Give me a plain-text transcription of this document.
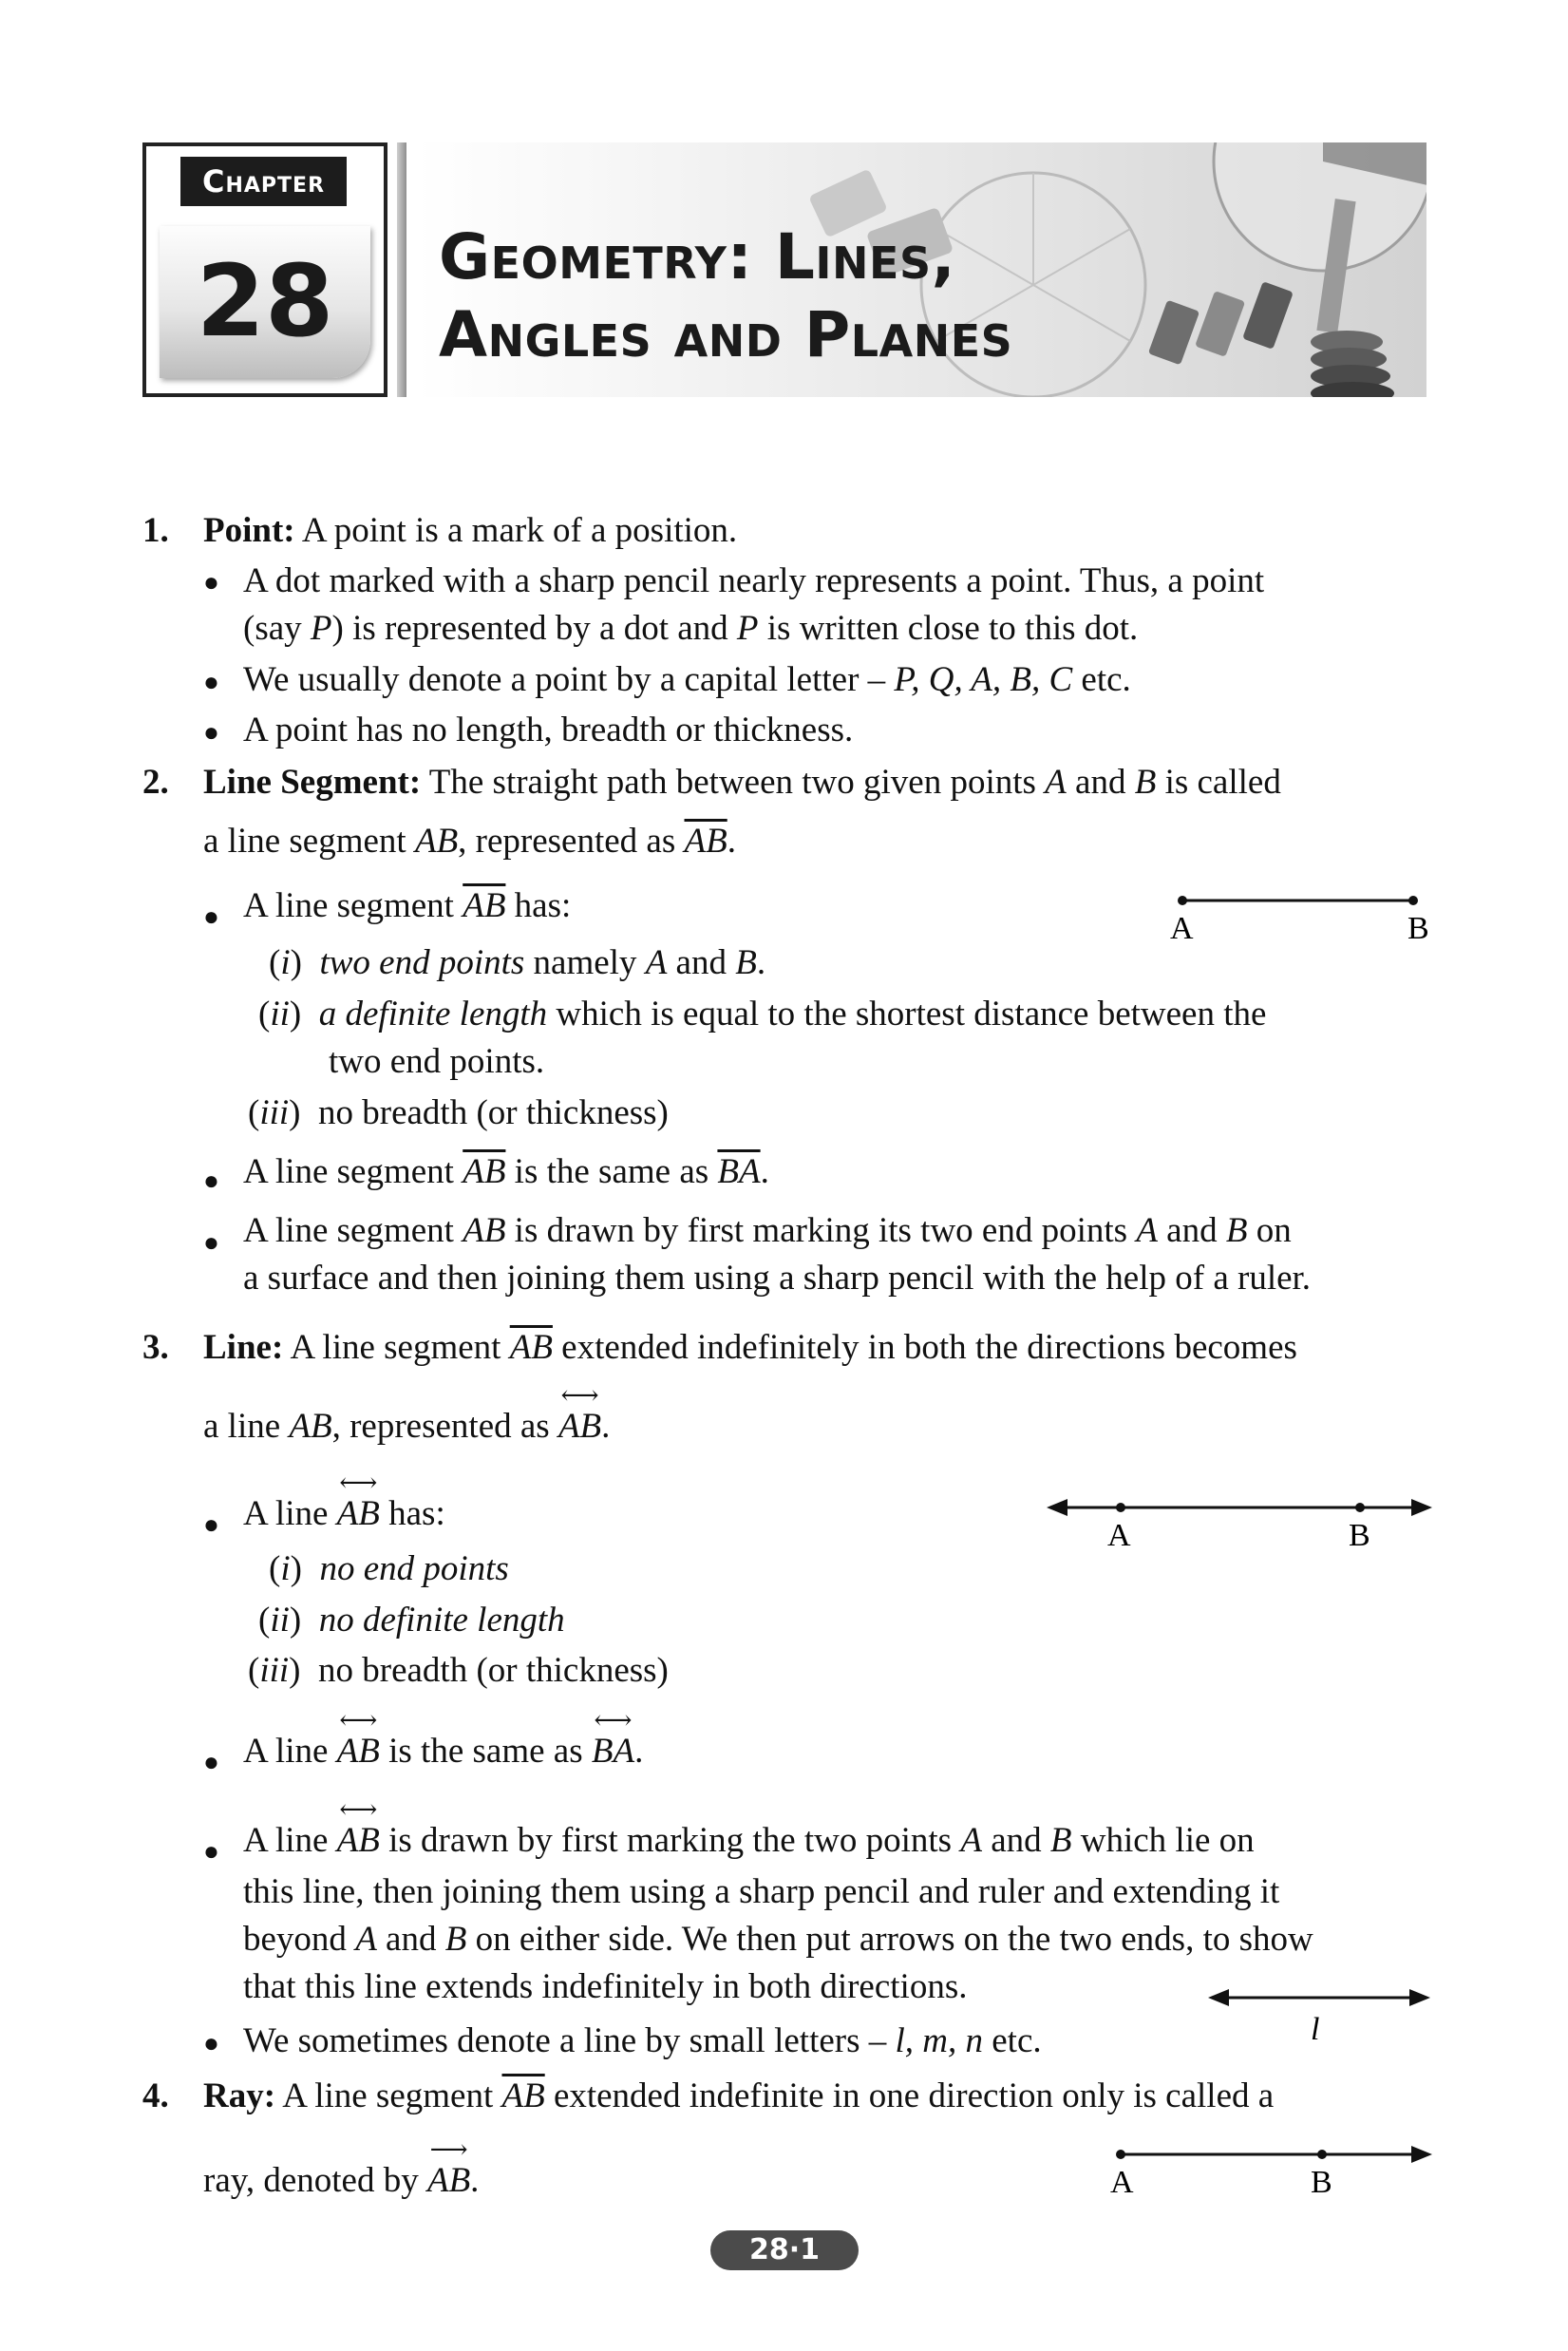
Chapter
28	Geometry: Lines,
Angles and Planes
1. Point: A point is a mark of a position.
● A dot marked with a sharp pencil nearly represents a point. Thus, a point
(say P) is represented by a dot and P is written close to this dot.
● We usually denote a point by a capital letter – P, Q, A, B, C etc.
● A point has no length, breadth or thickness.
2. Line Segment: The straight path between two given points A and B is called
a line segment AB, represented as $\overline{AB}$.
● A line segment $\overline{AB}$ has:
(i)  two end points namely A and B.
(ii)  a definite length which is equal to the shortest distance between the
two end points.
(iii)  no breadth (or thickness)
● A line segment $\overline{AB}$ is the same as $\overline{BA}$.
● A line segment AB is drawn by first marking its two end points A and B on
a surface and then joining them using a sharp pencil with the help of a ruler.
A	B
3. Line: A line segment $\overline{AB}$ extended indefinitely in both the directions becomes
a line AB, represented as
⟷
AB.
● A line
⟷
AB has:
(i)  no end points
(ii)  no definite length
(iii)  no breadth (or thickness)
● A line
⟷
AB is the same as
⟷
BA.
● A line
⟷
AB is drawn by first marking the two points A and B which lie on
this line, then joining them using a sharp pencil and ruler and extending it
beyond A and B on either side. We then put arrows on the two ends, to show
that this line extends indefinitely in both directions.
● We sometimes denote a line by small letters – l, m, n etc.
A	B
l
4. Ray: A line segment $\overline{AB}$ extended indefinite in one direction only is called a
ray, denoted by
⟶
AB.	A	B
28·1
